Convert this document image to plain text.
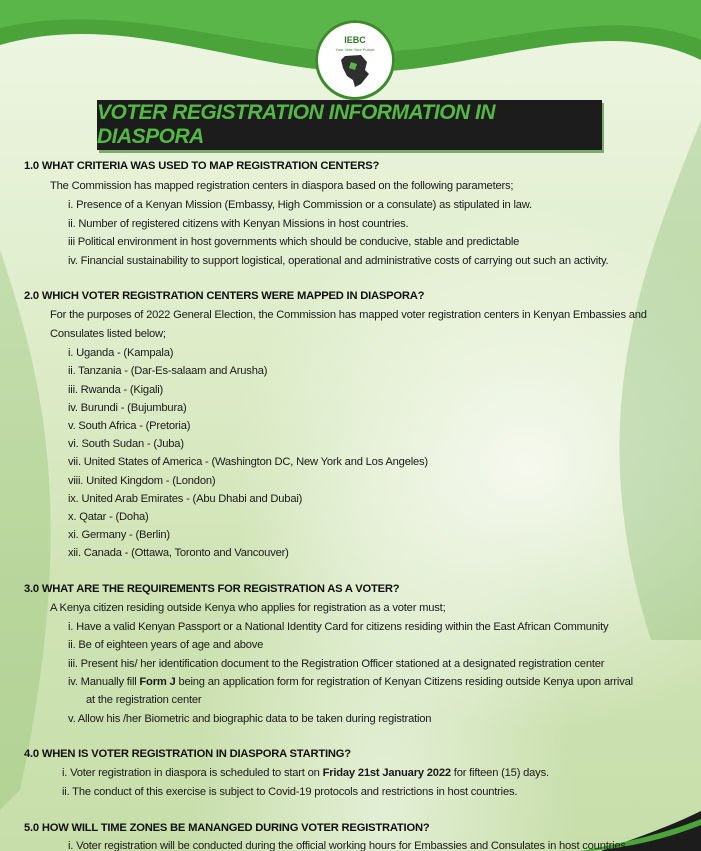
IEBC
Your Vote Your Future
VOTER REGISTRATION INFORMATION IN DIASPORA
1.0 WHAT CRITERIA WAS USED TO MAP REGISTRATION CENTERS?
The Commission has mapped registration centers in diaspora based on the following parameters;
i. Presence of a Kenyan Mission (Embassy, High Commission or a consulate) as stipulated in law.
ii. Number of registered citizens with Kenyan Missions in host countries.
iii Political environment in host governments which should be conducive, stable and predictable
iv. Financial sustainability to support logistical, operational and administrative costs of carrying out such an activity.
2.0 WHICH VOTER REGISTRATION CENTERS WERE MAPPED IN DIASPORA?
For the purposes of 2022 General Election, the Commission has mapped voter registration centers in Kenyan Embassies and
Consulates listed below;
i. Uganda - (Kampala)
ii. Tanzania - (Dar-Es-salaam and Arusha)
iii. Rwanda - (Kigali)
iv. Burundi - (Bujumbura)
v. South Africa - (Pretoria)
vi. South Sudan - (Juba)
vii. United States of America - (Washington DC, New York and Los Angeles)
viii. United Kingdom - (London)
ix. United Arab Emirates - (Abu Dhabi and Dubai)
x. Qatar - (Doha)
xi. Germany - (Berlin)
xii. Canada - (Ottawa, Toronto and Vancouver)
3.0 WHAT ARE THE REQUIREMENTS FOR REGISTRATION AS A VOTER?
A Kenya citizen residing outside Kenya who applies for registration as a voter must;
i. Have a valid Kenyan Passport or a National Identity Card for citizens residing within the East African Community
ii. Be of eighteen years of age and above
iii. Present his/ her identification document to the Registration Officer stationed at a designated registration center
iv. Manually fill Form J being an application form for registration of Kenyan Citizens residing outside Kenya upon arrival
at the registration center
v. Allow his /her Biometric and biographic data to be taken during registration
4.0 WHEN IS VOTER REGISTRATION IN DIASPORA STARTING?
i. Voter registration in diaspora is scheduled to start on Friday 21st January 2022 for fifteen (15) days.
ii. The conduct of this exercise is subject to Covid-19 protocols and restrictions in host countries.
5.0 HOW WILL TIME ZONES BE MANANGED DURING VOTER REGISTRATION?
i. Voter registration will be conducted during the official working hours for Embassies and Consulates in host countries
